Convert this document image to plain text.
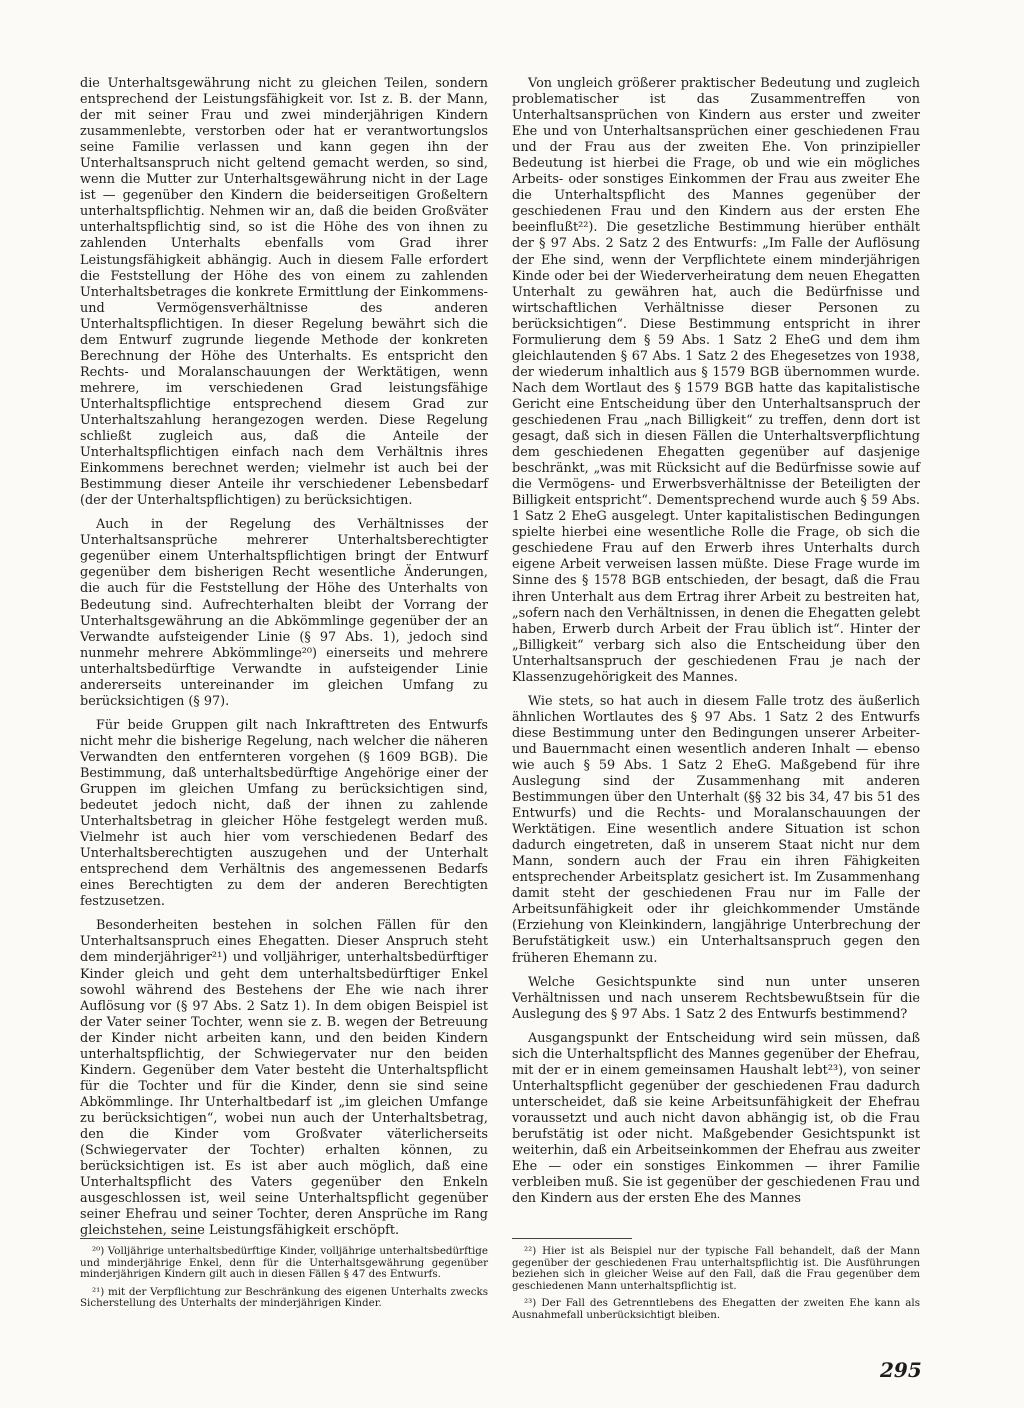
die Unterhaltsgewährung nicht zu gleichen Teilen, sondern entsprechend der Leistungsfähigkeit vor. Ist z. B. der Mann, der mit seiner Frau und zwei minderjährigen Kindern zusammenlebte, verstorben oder hat er verantwortungslos seine Familie verlassen und kann gegen ihn der Unterhaltsanspruch nicht geltend gemacht werden, so sind, wenn die Mutter zur Unterhaltsgewährung nicht in der Lage ist — gegenüber den Kindern die beiderseitigen Großeltern unterhaltspflichtig. Nehmen wir an, daß die beiden Großväter unterhaltspflichtig sind, so ist die Höhe des von ihnen zu zahlenden Unterhalts ebenfalls vom Grad ihrer Leistungsfähigkeit abhängig. Auch in diesem Falle erfordert die Feststellung der Höhe des von einem zu zahlenden Unterhaltsbetrages die konkrete Ermittlung der Einkommens- und Vermögensverhältnisse des anderen Unterhaltspflichtigen. In dieser Regelung bewährt sich die dem Entwurf zugrunde liegende Methode der konkreten Berechnung der Höhe des Unterhalts. Es entspricht den Rechts- und Moralanschauungen der Werktätigen, wenn mehrere, im verschiedenen Grad leistungsfähige Unterhaltspflichtige entsprechend diesem Grad zur Unterhaltszahlung herangezogen werden. Diese Regelung schließt zugleich aus, daß die Anteile der Unterhaltspflichtigen einfach nach dem Verhältnis ihres Einkommens berechnet werden; vielmehr ist auch bei der Bestimmung dieser Anteile ihr verschiedener Lebensbedarf (der der Unterhaltspflichtigen) zu berücksichtigen.

Auch in der Regelung des Verhältnisses der Unterhaltsansprüche mehrerer Unterhaltsberechtigter gegenüber einem Unterhaltspflichtigen bringt der Entwurf gegenüber dem bisherigen Recht wesentliche Änderungen, die auch für die Feststellung der Höhe des Unterhalts von Bedeutung sind. Aufrechterhalten bleibt der Vorrang der Unterhaltsgewährung an die Abkömmlinge gegenüber der an Verwandte aufsteigender Linie (§ 97 Abs. 1), jedoch sind nunmehr mehrere Abkömmlinge²⁰) einerseits und mehrere unterhaltsbedürftige Verwandte in aufsteigender Linie andererseits untereinander im gleichen Umfang zu berücksichtigen (§ 97).

Für beide Gruppen gilt nach Inkrafttreten des Entwurfs nicht mehr die bisherige Regelung, nach welcher die näheren Verwandten den entfernteren vorgehen (§ 1609 BGB). Die Bestimmung, daß unterhaltsbedürftige Angehörige einer der Gruppen im gleichen Umfang zu berücksichtigen sind, bedeutet jedoch nicht, daß der ihnen zu zahlende Unterhaltsbetrag in gleicher Höhe festgelegt werden muß. Vielmehr ist auch hier vom verschiedenen Bedarf des Unterhaltsberechtigten auszugehen und der Unterhalt entsprechend dem Verhältnis des angemessenen Bedarfs eines Berechtigten zu dem der anderen Berechtigten festzusetzen.

Besonderheiten bestehen in solchen Fällen für den Unterhaltsanspruch eines Ehegatten. Dieser Anspruch steht dem minderjähriger²¹) und volljähriger, unterhaltsbedürftiger Kinder gleich und geht dem unterhaltsbedürftiger Enkel sowohl während des Bestehens der Ehe wie nach ihrer Auflösung vor (§ 97 Abs. 2 Satz 1). In dem obigen Beispiel ist der Vater seiner Tochter, wenn sie z. B. wegen der Betreuung der Kinder nicht arbeiten kann, und den beiden Kindern unterhaltspflichtig, der Schwiegervater nur den beiden Kindern. Gegenüber dem Vater besteht die Unterhaltspflicht für die Tochter und für die Kinder, denn sie sind seine Abkömmlinge. Ihr Unterhaltbedarf ist „im gleichen Umfange zu berücksichtigen“, wobei nun auch der Unterhaltsbetrag, den die Kinder vom Großvater väterlicherseits (Schwiegervater der Tochter) erhalten können, zu berücksichtigen ist. Es ist aber auch möglich, daß eine Unterhaltspflicht des Vaters gegenüber den Enkeln ausgeschlossen ist, weil seine Unterhaltspflicht gegenüber seiner Ehefrau und seiner Tochter, deren Ansprüche im Rang gleichstehen, seine Leistungsfähigkeit erschöpft.

Von ungleich größerer praktischer Bedeutung und zugleich problematischer ist das Zusammentreffen von Unterhaltsansprüchen von Kindern aus erster und zweiter Ehe und von Unterhaltsansprüchen einer geschiedenen Frau und der Frau aus der zweiten Ehe. Von prinzipieller Bedeutung ist hierbei die Frage, ob und wie ein mögliches Arbeits- oder sonstiges Einkommen der Frau aus zweiter Ehe die Unterhaltspflicht des Mannes gegenüber der geschiedenen Frau und den Kindern aus der ersten Ehe beeinflußt²²). Die gesetzliche Bestimmung hierüber enthält der § 97 Abs. 2 Satz 2 des Entwurfs: „Im Falle der Auflösung der Ehe sind, wenn der Verpflichtete einem minderjährigen Kinde oder bei der Wiederverheiratung dem neuen Ehegatten Unterhalt zu gewähren hat, auch die Bedürfnisse und wirtschaftlichen Verhältnisse dieser Personen zu berücksichtigen“. Diese Bestimmung entspricht in ihrer Formulierung dem § 59 Abs. 1 Satz 2 EheG und dem ihm gleichlautenden § 67 Abs. 1 Satz 2 des Ehegesetzes von 1938, der wiederum inhaltlich aus § 1579 BGB übernommen wurde. Nach dem Wortlaut des § 1579 BGB hatte das kapitalistische Gericht eine Entscheidung über den Unterhaltsanspruch der geschiedenen Frau „nach Billigkeit“ zu treffen, denn dort ist gesagt, daß sich in diesen Fällen die Unterhaltsverpflichtung dem geschiedenen Ehegatten gegenüber auf dasjenige beschränkt, „was mit Rücksicht auf die Bedürfnisse sowie auf die Vermögens- und Erwerbsverhältnisse der Beteiligten der Billigkeit entspricht“. Dementsprechend wurde auch § 59 Abs. 1 Satz 2 EheG ausgelegt. Unter kapitalistischen Bedingungen spielte hierbei eine wesentliche Rolle die Frage, ob sich die geschiedene Frau auf den Erwerb ihres Unterhalts durch eigene Arbeit verweisen lassen müßte. Diese Frage wurde im Sinne des § 1578 BGB entschieden, der besagt, daß die Frau ihren Unterhalt aus dem Ertrag ihrer Arbeit zu bestreiten hat, „sofern nach den Verhältnissen, in denen die Ehegatten gelebt haben, Erwerb durch Arbeit der Frau üblich ist“. Hinter der „Billigkeit“ verbarg sich also die Entscheidung über den Unterhaltsanspruch der geschiedenen Frau je nach der Klassenzugehörigkeit des Mannes.

Wie stets, so hat auch in diesem Falle trotz des äußerlich ähnlichen Wortlautes des § 97 Abs. 1 Satz 2 des Entwurfs diese Bestimmung unter den Bedingungen unserer Arbeiter- und Bauernmacht einen wesentlich anderen Inhalt — ebenso wie auch § 59 Abs. 1 Satz 2 EheG. Maßgebend für ihre Auslegung sind der Zusammenhang mit anderen Bestimmungen über den Unterhalt (§§ 32 bis 34, 47 bis 51 des Entwurfs) und die Rechts- und Moralanschauungen der Werktätigen. Eine wesentlich andere Situation ist schon dadurch eingetreten, daß in unserem Staat nicht nur dem Mann, sondern auch der Frau ein ihren Fähigkeiten entsprechender Arbeitsplatz gesichert ist. Im Zusammenhang damit steht der geschiedenen Frau nur im Falle der Arbeitsunfähigkeit oder ihr gleichkommender Umstände (Erziehung von Kleinkindern, langjährige Unterbrechung der Berufstätigkeit usw.) ein Unterhaltsanspruch gegen den früheren Ehemann zu.

Welche Gesichtspunkte sind nun unter unseren Verhältnissen und nach unserem Rechtsbewußtsein für die Auslegung des § 97 Abs. 1 Satz 2 des Entwurfs bestimmend?

Ausgangspunkt der Entscheidung wird sein müssen, daß sich die Unterhaltspflicht des Mannes gegenüber der Ehefrau, mit der er in einem gemeinsamen Haushalt lebt²³), von seiner Unterhaltspflicht gegenüber der geschiedenen Frau dadurch unterscheidet, daß sie keine Arbeitsunfähigkeit der Ehefrau voraussetzt und auch nicht davon abhängig ist, ob die Frau berufstätig ist oder nicht. Maßgebender Gesichtspunkt ist weiterhin, daß ein Arbeitseinkommen der Ehefrau aus zweiter Ehe — oder ein sonstiges Einkommen — ihrer Familie verbleiben muß. Sie ist gegenüber der geschiedenen Frau und den Kindern aus der ersten Ehe des Mannes

²⁰) Volljährige unterhaltsbedürftige Kinder, volljährige unterhaltsbedürftige und minderjährige Enkel, denn für die Unterhaltsgewährung gegenüber minderjährigen Kindern gilt auch in diesen Fällen § 47 des Entwurfs.

²¹) mit der Verpflichtung zur Beschränkung des eigenen Unterhalts zwecks Sicherstellung des Unterhalts der minderjährigen Kinder.

²²) Hier ist als Beispiel nur der typische Fall behandelt, daß der Mann gegenüber der geschiedenen Frau unterhaltspflichtig ist. Die Ausführungen beziehen sich in gleicher Weise auf den Fall, daß die Frau gegenüber dem geschiedenen Mann unterhaltspflichtig ist.

²³) Der Fall des Getrenntlebens des Ehegatten der zweiten Ehe kann als Ausnahmefall unberücksichtigt bleiben.

295
